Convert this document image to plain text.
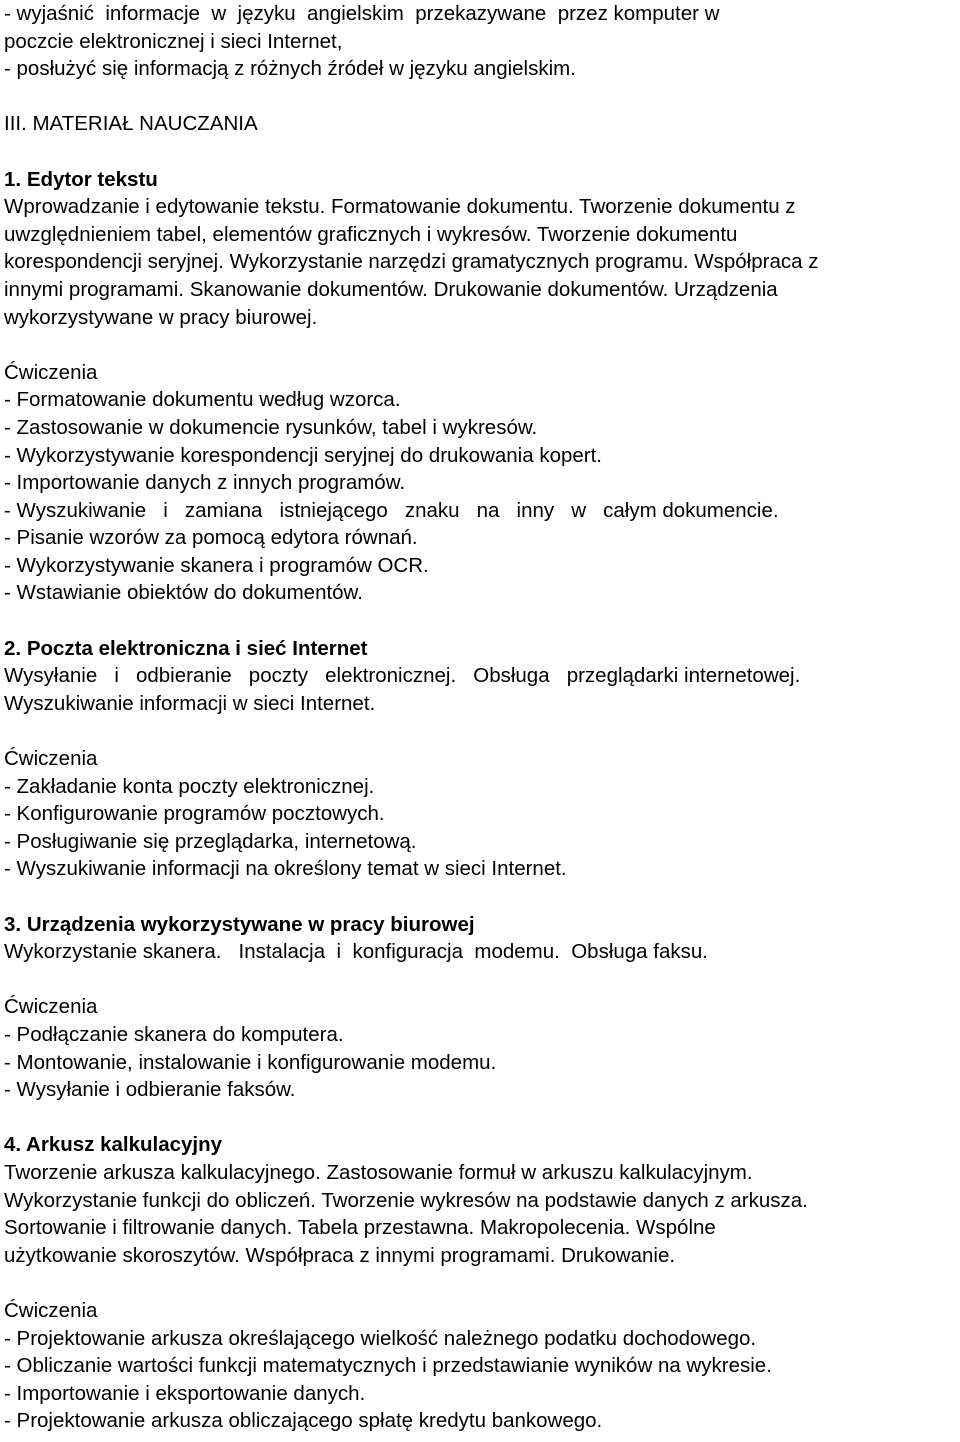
- wyjaśnić  informacje  w  języku  angielskim  przekazywane  przez komputer w
poczcie elektronicznej i sieci Internet,
- posłużyć się informacją z różnych źródeł w języku angielskim.
III. MATERIAŁ NAUCZANIA
1. Edytor tekstu
Wprowadzanie i edytowanie tekstu. Formatowanie dokumentu. Tworzenie dokumentu z
uwzględnieniem tabel, elementów graficznych i wykresów. Tworzenie dokumentu
korespondencji seryjnej. Wykorzystanie narzędzi gramatycznych programu. Współpraca z
innymi programami. Skanowanie dokumentów. Drukowanie dokumentów. Urządzenia
wykorzystywane w pracy biurowej.
Ćwiczenia
- Formatowanie dokumentu według wzorca.
- Zastosowanie w dokumencie rysunków, tabel i wykresów.
- Wykorzystywanie korespondencji seryjnej do drukowania kopert.
- Importowanie danych z innych programów.
- Wyszukiwanie   i   zamiana   istniejącego   znaku   na   inny   w   całym dokumencie.
- Pisanie wzorów za pomocą edytora równań.
- Wykorzystywanie skanera i programów OCR.
- Wstawianie obiektów do dokumentów.
2. Poczta elektroniczna i sieć Internet
Wysyłanie   i   odbieranie   poczty   elektronicznej.   Obsługa   przeglądarki internetowej.
Wyszukiwanie informacji w sieci Internet.
Ćwiczenia
- Zakładanie konta poczty elektronicznej.
- Konfigurowanie programów pocztowych.
- Posługiwanie się przeglądarka, internetową.
- Wyszukiwanie informacji na określony temat w sieci Internet.
3. Urządzenia wykorzystywane w pracy biurowej
Wykorzystanie skanera.   Instalacja  i  konfiguracja  modemu.  Obsługa faksu.
Ćwiczenia
- Podłączanie skanera do komputera.
- Montowanie, instalowanie i konfigurowanie modemu.
- Wysyłanie i odbieranie faksów.
4. Arkusz kalkulacyjny
Tworzenie arkusza kalkulacyjnego. Zastosowanie formuł w arkuszu kalkulacyjnym.
Wykorzystanie funkcji do obliczeń. Tworzenie wykresów na podstawie danych z arkusza.
Sortowanie i filtrowanie danych. Tabela przestawna. Makropolecenia. Wspólne
użytkowanie skoroszytów. Współpraca z innymi programami. Drukowanie.
Ćwiczenia
- Projektowanie arkusza określającego wielkość należnego podatku dochodowego.
- Obliczanie wartości funkcji matematycznych i przedstawianie wyników na wykresie.
- Importowanie i eksportowanie danych.
- Projektowanie arkusza obliczającego spłatę kredytu bankowego.
